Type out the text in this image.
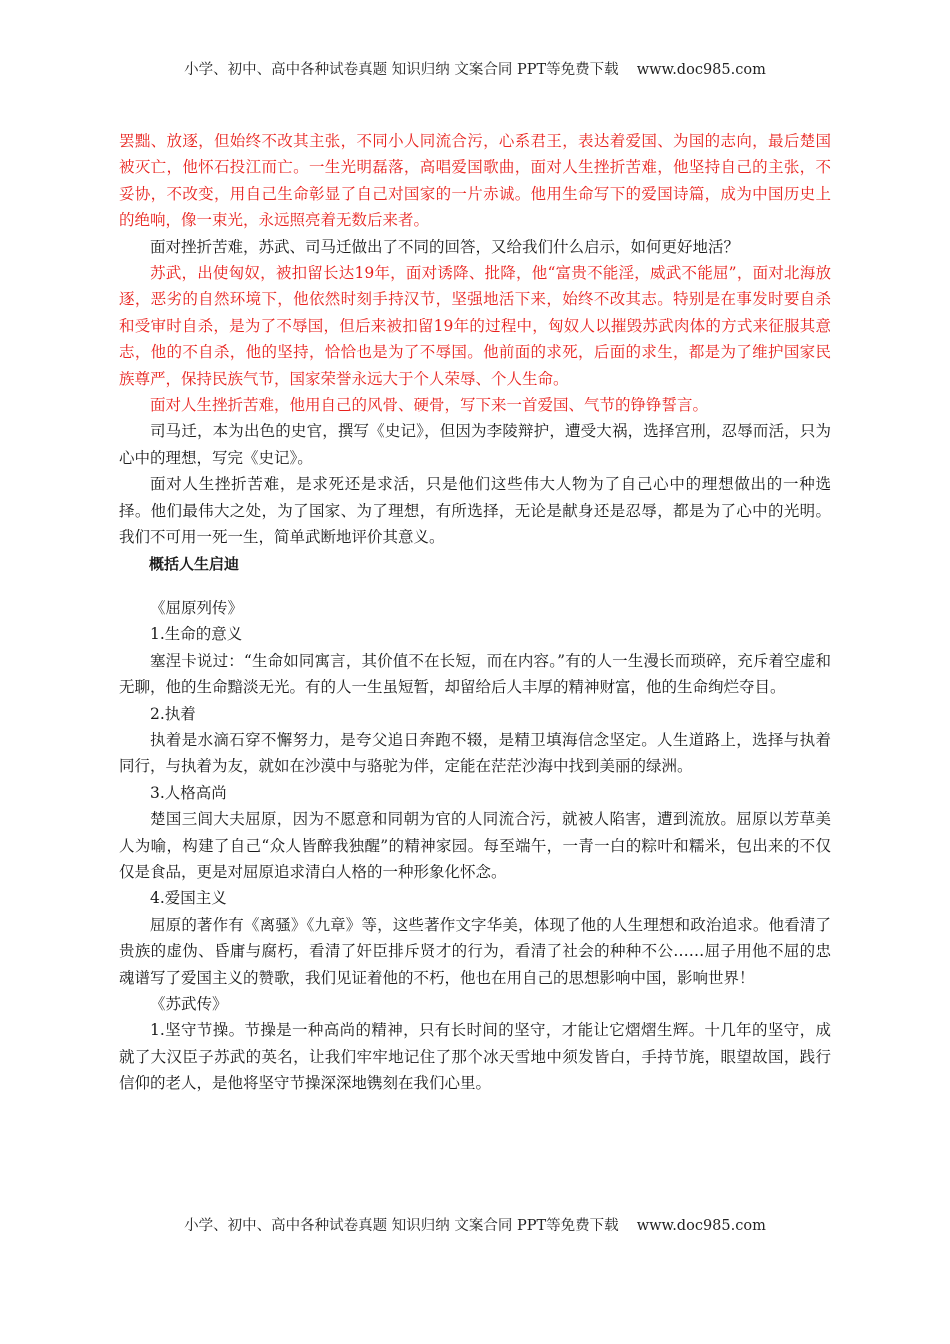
小学、初中、高中各种试卷真题 知识归纳 文案合同 PPT等免费下载 www.doc985.com

罢黜、放逐，但始终不改其主张，不同小人同流合污，心系君王，表达着爱国、为国的志向，最后楚国被灭亡，他怀石投江而亡。一生光明磊落，高唱爱国歌曲，面对人生挫折苦难，他坚持自己的主张，不妥协，不改变，用自己生命彰显了自己对国家的一片赤诚。他用生命写下的爱国诗篇，成为中国历史上的绝响，像一束光，永远照亮着无数后来者。

面对挫折苦难，苏武、司马迁做出了不同的回答，又给我们什么启示，如何更好地活？

苏武，出使匈奴，被扣留长达19年，面对诱降、批降，他“富贵不能淫，威武不能屈”，面对北海放逐，恶劣的自然环境下，他依然时刻手持汉节，坚强地活下来，始终不改其志。特别是在事发时要自杀和受审时自杀，是为了不辱国，但后来被扣留19年的过程中，匈奴人以摧毁苏武肉体的方式来征服其意志，他的不自杀，他的坚持，恰恰也是为了不辱国。他前面的求死，后面的求生，都是为了维护国家民族尊严，保持民族气节，国家荣誉永远大于个人荣辱、个人生命。

面对人生挫折苦难，他用自己的风骨、硬骨，写下来一首爱国、气节的铮铮誓言。

司马迁，本为出色的史官，撰写《史记》，但因为李陵辩护，遭受大祸，选择宫刑，忍辱而活，只为心中的理想，写完《史记》。

面对人生挫折苦难，是求死还是求活，只是他们这些伟大人物为了自己心中的理想做出的一种选择。他们最伟大之处，为了国家、为了理想，有所选择，无论是献身还是忍辱，都是为了心中的光明。我们不可用一死一生，简单武断地评价其意义。

概括人生启迪

《屈原列传》

1.生命的意义

塞涅卡说过：“生命如同寓言，其价值不在长短，而在内容。”有的人一生漫长而琐碎，充斥着空虚和无聊，他的生命黯淡无光。有的人一生虽短暂，却留给后人丰厚的精神财富，他的生命绚烂夺目。

2.执着

执着是水滴石穿不懈努力，是夸父追日奔跑不辍，是精卫填海信念坚定。人生道路上，选择与执着同行，与执着为友，就如在沙漠中与骆驼为伴，定能在茫茫沙海中找到美丽的绿洲。

3.人格高尚

楚国三闾大夫屈原，因为不愿意和同朝为官的人同流合污，就被人陷害，遭到流放。屈原以芳草美人为喻，构建了自己“众人皆醉我独醒”的精神家园。每至端午，一青一白的粽叶和糯米，包出来的不仅仅是食品，更是对屈原追求清白人格的一种形象化怀念。

4.爱国主义

屈原的著作有《离骚》《九章》等，这些著作文字华美，体现了他的人生理想和政治追求。他看清了贵族的虚伪、昏庸与腐朽，看清了奸臣排斥贤才的行为，看清了社会的种种不公……屈子用他不屈的忠魂谱写了爱国主义的赞歌，我们见证着他的不朽，他也在用自己的思想影响中国，影响世界！

《苏武传》

1.坚守节操。节操是一种高尚的精神，只有长时间的坚守，才能让它熠熠生辉。十几年的坚守，成就了大汉臣子苏武的英名，让我们牢牢地记住了那个冰天雪地中须发皆白，手持节旄，眼望故国，践行信仰的老人，是他将坚守节操深深地镌刻在我们心里。

小学、初中、高中各种试卷真题 知识归纳 文案合同 PPT等免费下载 www.doc985.com
